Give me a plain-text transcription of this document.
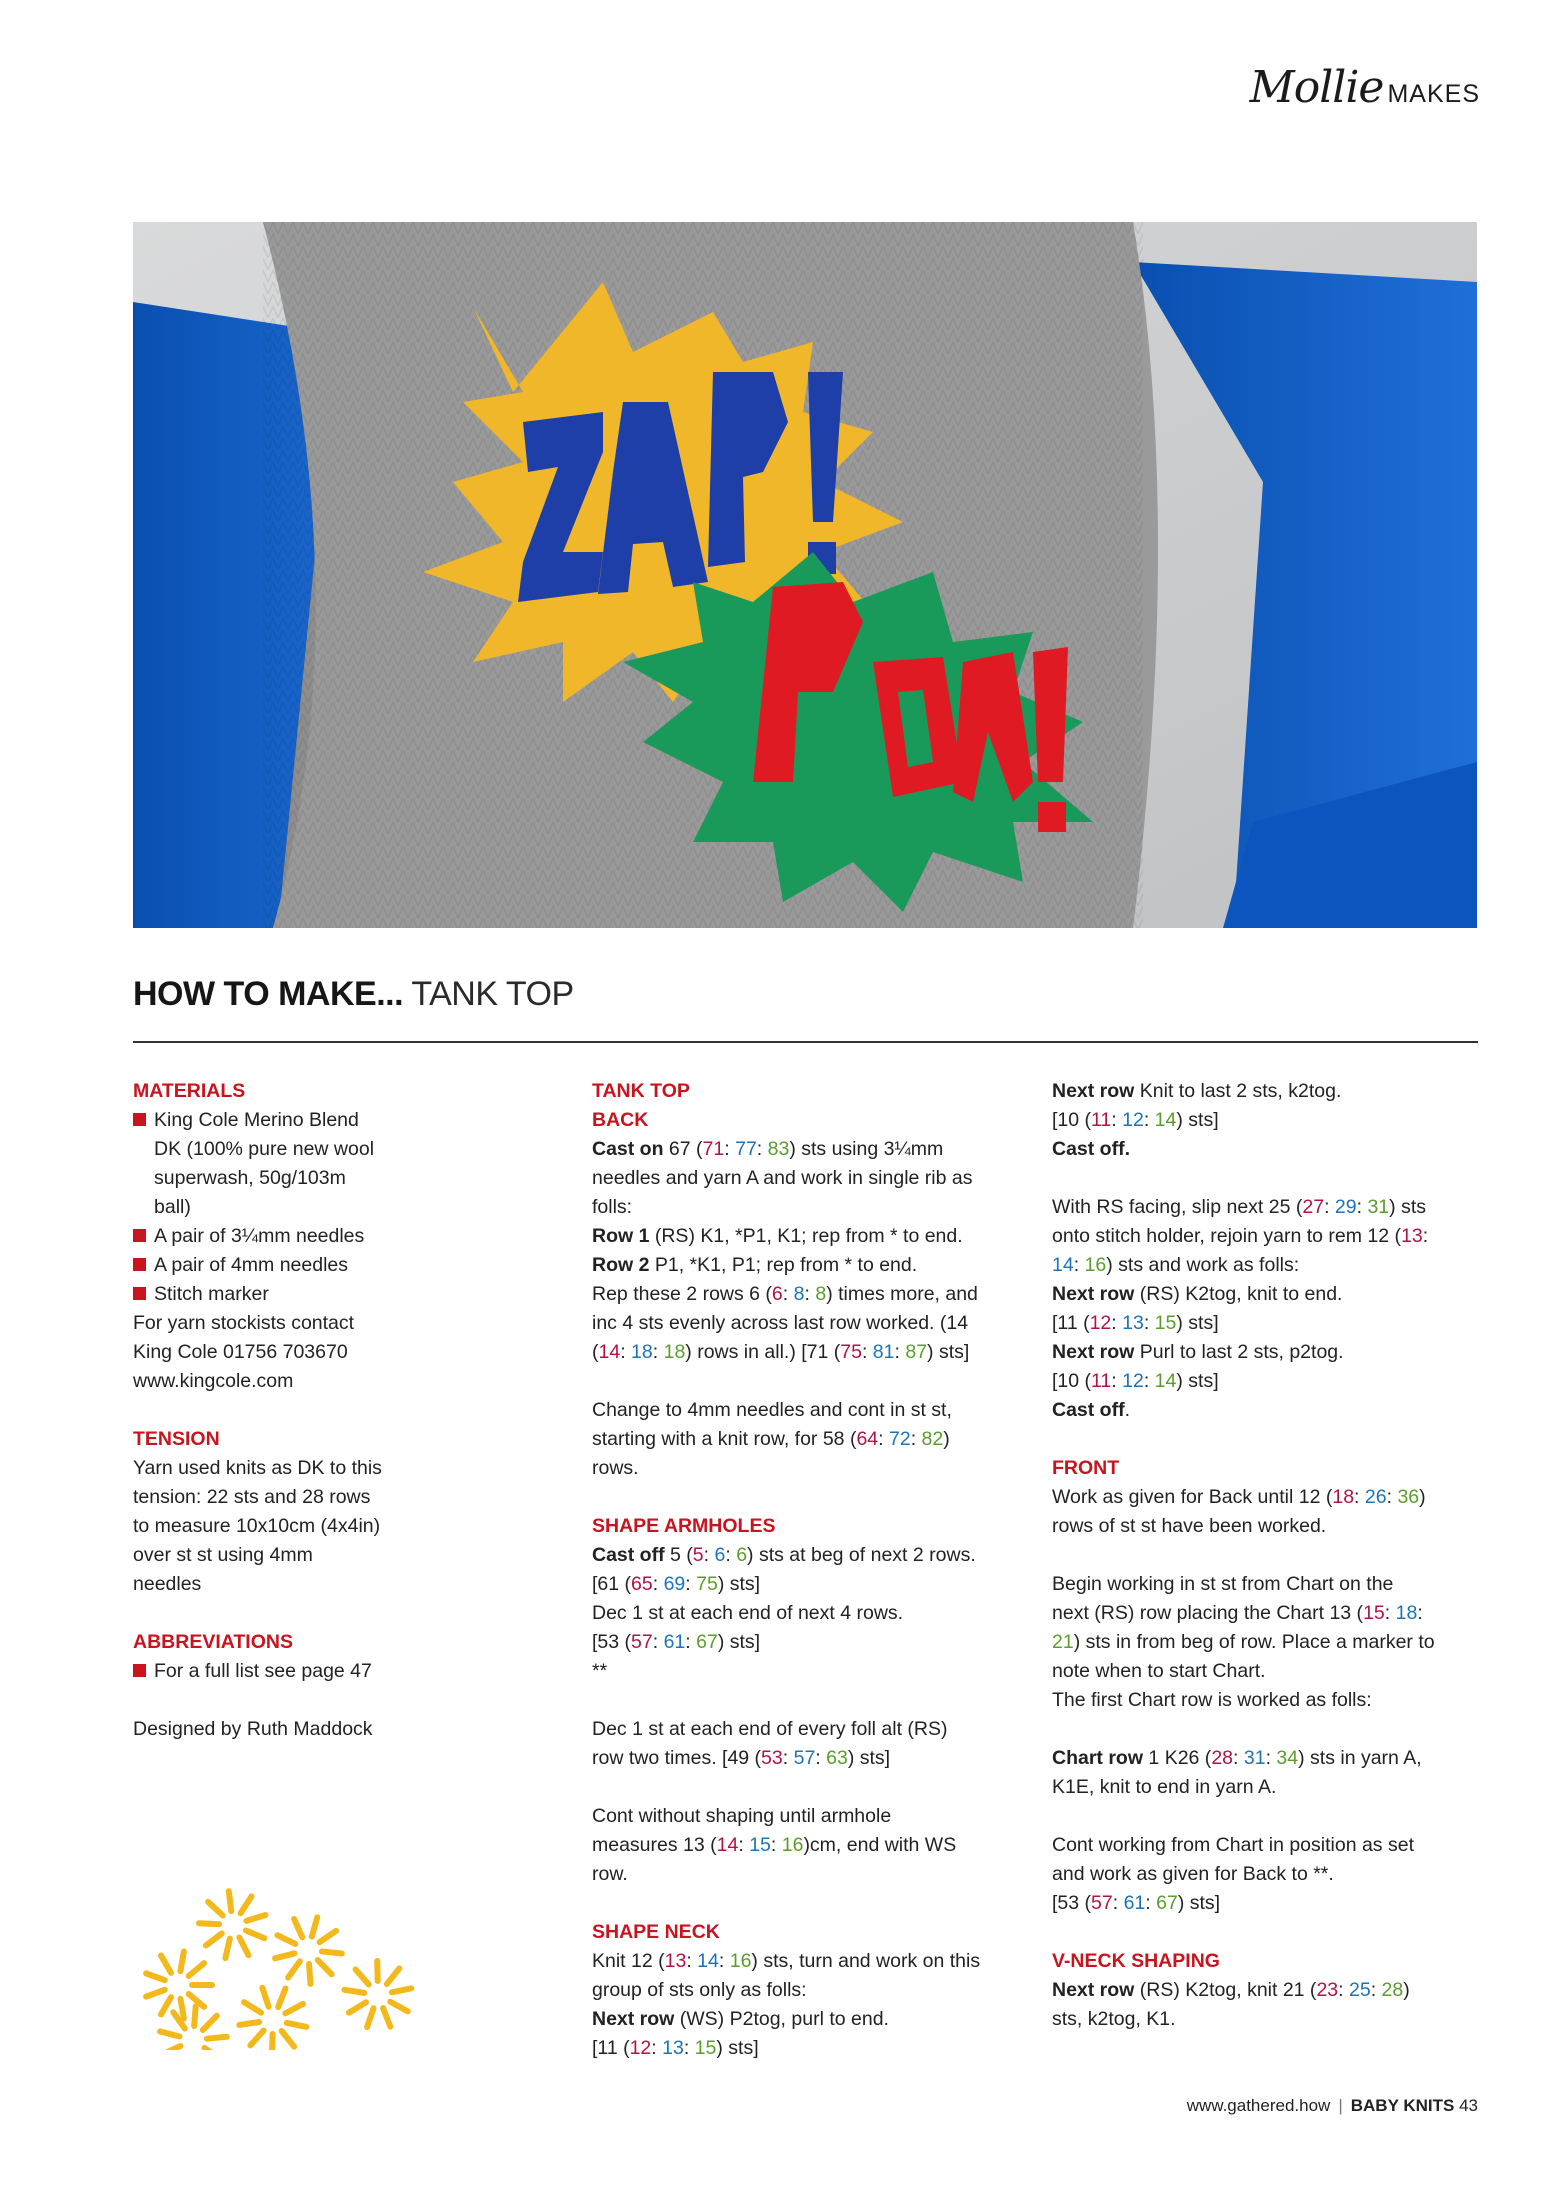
Mollie MAKES
HOW TO MAKE... TANK TOP
MATERIALS
King Cole Merino Blend
DK (100% pure new wool
superwash, 50g/103m
ball)
A pair of 3¼mm needles
A pair of 4mm needles
Stitch marker
For yarn stockists contact
King Cole 01756 703670
www.kingcole.com
TENSION
Yarn used knits as DK to this
tension: 22 sts and 28 rows
to measure 10x10cm (4x4in)
over st st using 4mm
needles
ABBREVIATIONS
For a full list see page 47
Designed by Ruth Maddock
TANK TOP
BACK
Cast on 67 (71: 77: 83) sts using 3¼mm
needles and yarn A and work in single rib as
folls:
Row 1 (RS) K1, *P1, K1; rep from * to end.
Row 2 P1, *K1, P1; rep from * to end.
Rep these 2 rows 6 (6: 8: 8) times more, and
inc 4 sts evenly across last row worked. (14
(14: 18: 18) rows in all.) [71 (75: 81: 87) sts]
Change to 4mm needles and cont in st st,
starting with a knit row, for 58 (64: 72: 82)
rows.
SHAPE ARMHOLES
Cast off 5 (5: 6: 6) sts at beg of next 2 rows.
[61 (65: 69: 75) sts]
Dec 1 st at each end of next 4 rows.
[53 (57: 61: 67) sts]
**
Dec 1 st at each end of every foll alt (RS)
row two times. [49 (53: 57: 63) sts]
Cont without shaping until armhole
measures 13 (14: 15: 16)cm, end with WS
row.
SHAPE NECK
Knit 12 (13: 14: 16) sts, turn and work on this
group of sts only as folls:
Next row (WS) P2tog, purl to end.
[11 (12: 13: 15) sts]
Next row Knit to last 2 sts, k2tog.
[10 (11: 12: 14) sts]
Cast off.
With RS facing, slip next 25 (27: 29: 31) sts
onto stitch holder, rejoin yarn to rem 12 (13:
14: 16) sts and work as folls:
Next row (RS) K2tog, knit to end.
[11 (12: 13: 15) sts]
Next row Purl to last 2 sts, p2tog.
[10 (11: 12: 14) sts]
Cast off.
FRONT
Work as given for Back until 12 (18: 26: 36)
rows of st st have been worked.
Begin working in st st from Chart on the
next (RS) row placing the Chart 13 (15: 18:
21) sts in from beg of row. Place a marker to
note when to start Chart.
The first Chart row is worked as folls:
Chart row 1 K26 (28: 31: 34) sts in yarn A,
K1E, knit to end in yarn A.
Cont working from Chart in position as set
and work as given for Back to **.
[53 (57: 61: 67) sts]
V-NECK SHAPING
Next row (RS) K2tog, knit 21 (23: 25: 28)
sts, k2tog, K1.
www.gathered.how | BABY KNITS 43
